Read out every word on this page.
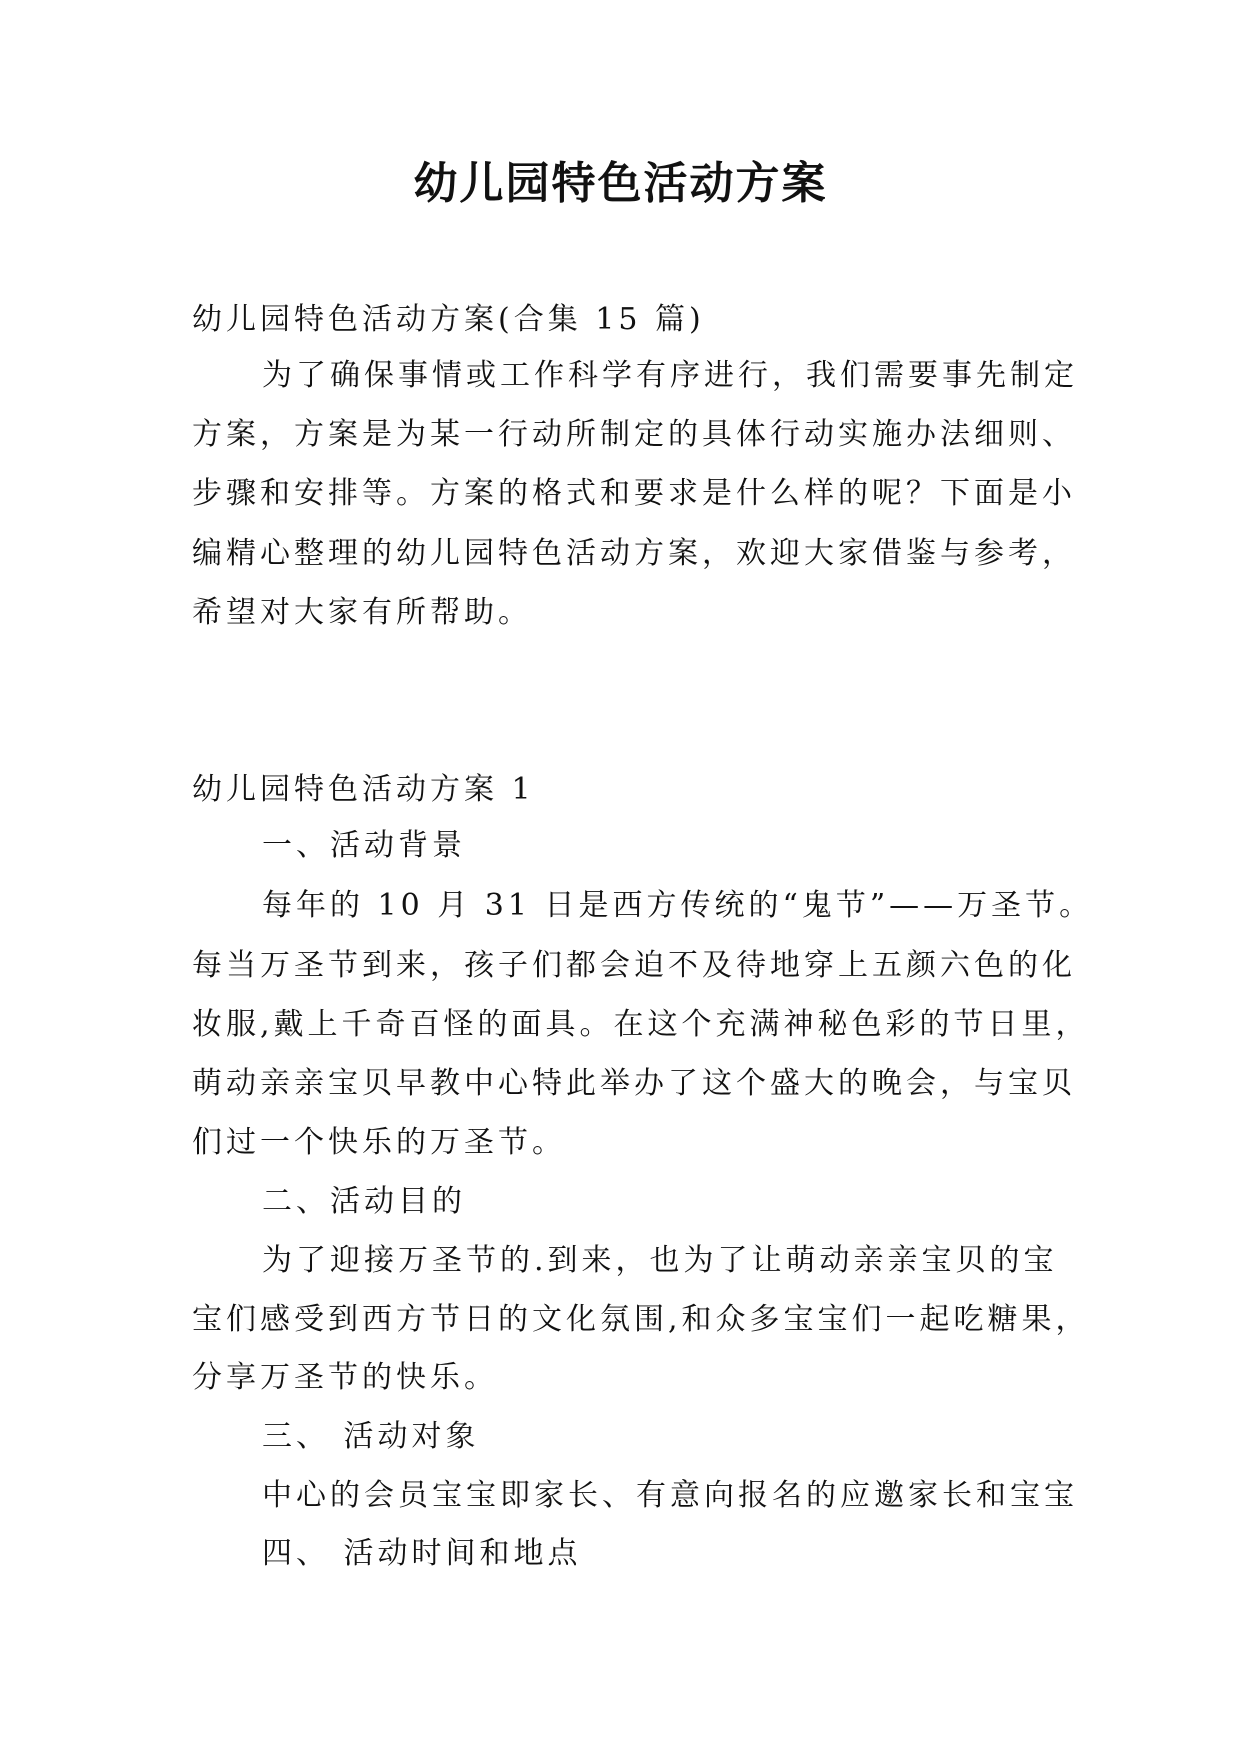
幼儿园特色活动方案
幼儿园特色活动方案(合集 15 篇)
为了确保事情或工作科学有序进行，我们需要事先制定
方案，方案是为某一行动所制定的具体行动实施办法细则、
步骤和安排等。方案的格式和要求是什么样的呢？下面是小
编精心整理的幼儿园特色活动方案，欢迎大家借鉴与参考，
希望对大家有所帮助。
幼儿园特色活动方案 1
一、活动背景
每年的 10 月 31 日是西方传统的“鬼节”——万圣节。
每当万圣节到来，孩子们都会迫不及待地穿上五颜六色的化
妆服,戴上千奇百怪的面具。在这个充满神秘色彩的节日里，
萌动亲亲宝贝早教中心特此举办了这个盛大的晚会，与宝贝
们过一个快乐的万圣节。
二、活动目的
为了迎接万圣节的.到来，也为了让萌动亲亲宝贝的宝
宝们感受到西方节日的文化氛围,和众多宝宝们一起吃糖果，
分享万圣节的快乐。
三、 活动对象
中心的会员宝宝即家长、有意向报名的应邀家长和宝宝
四、 活动时间和地点
